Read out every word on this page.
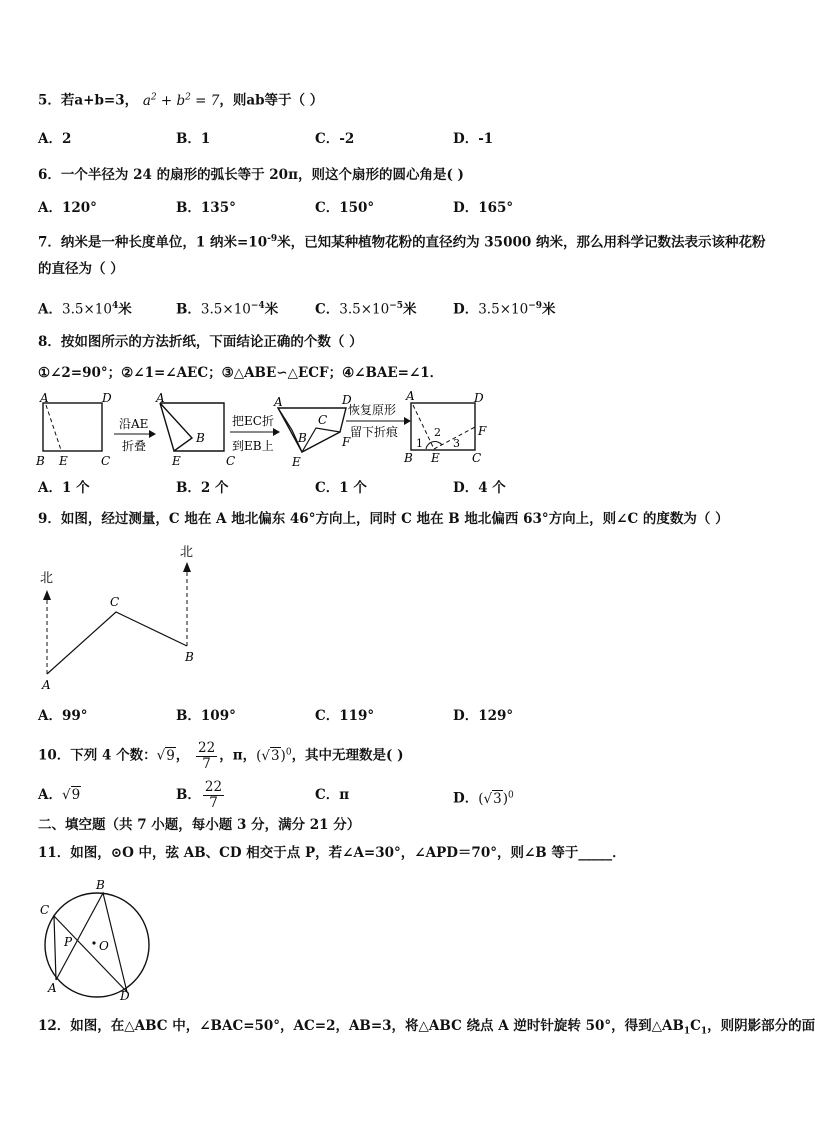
5．若a+b=3， $a^2 + b^2 = 7$，则ab等于（ ）
A．2	B．1	C．-2	D．-1
6．一个半径为 24 的扇形的弧长等于 20π，则这个扇形的圆心角是( )
A．120°	B．135°	C．150°	D．165°
7．纳米是一种长度单位，1 纳米$=10^{-9}$米，已知某种植物花粉的直径约为 35000 纳米，那么用科学记数法表示该种花粉
的直径为（ ）
A．$3.5\times 10^4$米	B．$3.5\times 10^{-4}$米	C．$3.5\times 10^{-5}$米	D．$3.5\times 10^{-9}$米
8．按如图所示的方法折纸，下面结论正确的个数（ ）
①∠2=90°；②∠1=∠AEC；③△ABE∽△ECF；④∠BAE=∠1．
A	D
B E	C
沿AE
折叠
A
B
E	C
把EC折
到EB上
A	D
C
B	F
E
恢复原形
留下折痕
A	D
F
1
2
3
B E	C
A．1 个	B．2 个	C．1 个	D．4 个
9．如图，经过测量，C 地在 A 地北偏东 46°方向上，同时 C 地在 B 地北偏西 63°方向上，则∠C 的度数为（ ）
北
北
C
A
B
A．99°	B．109°	C．119°	D．129°
10．下列 4 个数：√9， $\frac{22}{7}$ ，π，$(√3)^0$，其中无理数是( )
A．√9	B． $\frac{22}{7}$	C．π	D．$(√3)^0$
二、填空题（共 7 小题，每小题 3 分，满分 21 分）
11．如图，⊙O 中，弦 AB、CD 相交于点 P，若∠A=30°，∠APD＝70°，则∠B 等于_____．
B
C
P O
A
D
12．如图，在△ABC 中，∠BAC=50°，AC=2，AB=3，将△ABC 绕点 A 逆时针旋转 50°，得到$\triangle AB_1C_1$，则阴影部分的面
